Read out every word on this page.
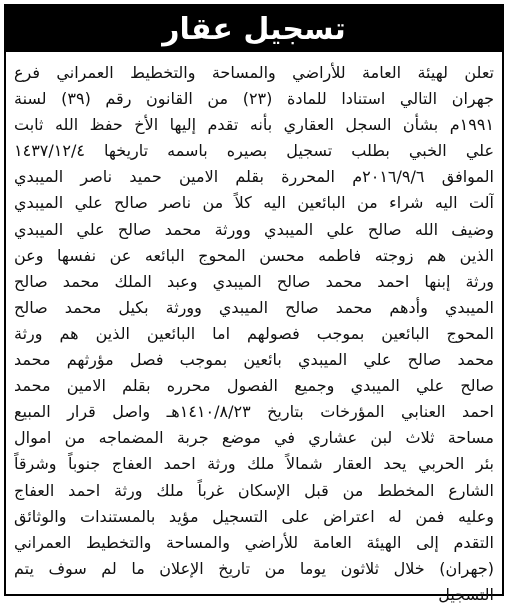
تسجيل عقار
تعلن لهيئة العامة للأراضي والمساحة والتخطيط العمراني فرع
جهران التالي استنادا للمادة (٢٣) من القانون رقم (٣٩) لسنة
١٩٩١م بشأن السجل العقاري بأنه تقدم إليها الأخ حفظ الله ثابت
علي الخبي بطلب تسجيل بصيره باسمه تاريخها ١٤٣٧/١٢/٤
الموافق ٢٠١٦/٩/٦م المحررة بقلم الامين حميد ناصر الميبدي
آلت اليه شراء من البائعين اليه كلاً من ناصر صالح علي الميبدي
وضيف الله صالح علي الميبدي وورثة محمد صالح علي الميبدي
الذين هم زوجته فاطمه محسن المحوج البائعه عن نفسها وعن
ورثة إبنها احمد محمد صالح الميبدي وعبد الملك محمد صالح
الميبدي وأدهم محمد صالح الميبدي وورثة بكيل محمد صالح
المحوج البائعين بموجب فصولهم اما البائعين الذين هم ورثة
محمد صالح علي الميبدي بائعين بموجب فصل مؤرثهم محمد
صالح علي الميبدي وجميع الفصول محرره بقلم الامين محمد
احمد العنابي المؤرخات بتاريخ ١٤١٠/٨/٢٣هـ واصل قرار المبيع
مساحة ثلاث لبن عشاري في موضع جربة المضماجه من اموال
بئر الحربي يحد العقار شمالاً ملك ورثة احمد العفاج جنوباً وشرقاً
الشارع المخطط من قبل الإسكان غرباً ملك ورثة احمد العفاج
وعليه فمن له اعتراض على التسجيل مؤيد بالمستندات والوثائق
التقدم إلى الهيئة العامة للأراضي والمساحة والتخطيط العمراني
(جهران) خلال ثلاثون يوما من تاريخ الإعلان ما لم سوف يتم
التسجيل
